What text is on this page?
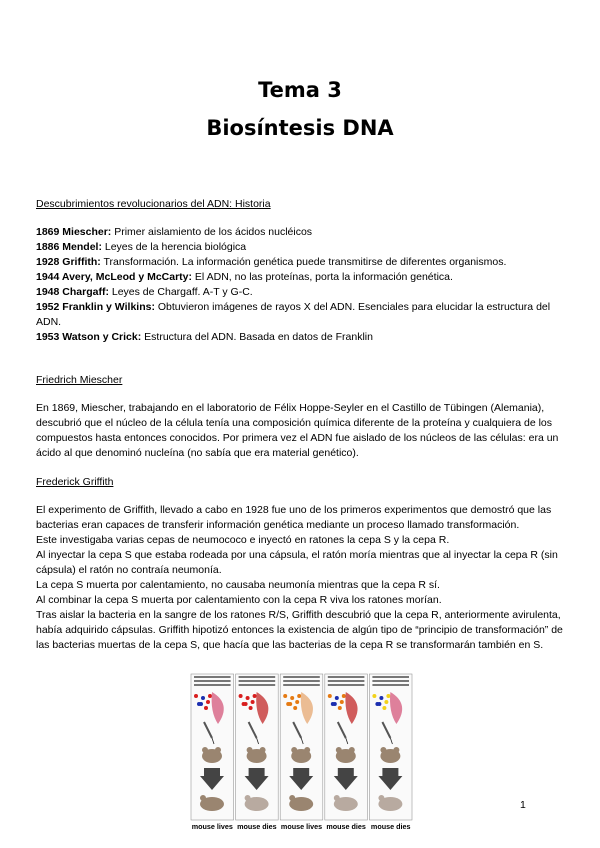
Tema 3
Biosíntesis DNA
Descubrimientos revolucionarios del ADN: Historia

1869 Miescher: Primer aislamiento de los ácidos nucléicos

1886 Mendel: Leyes de la herencia biológica

1928 Griffith: Transformación. La información genética puede transmitirse de diferentes organismos.

1944 Avery, McLeod y McCarty: El ADN, no las proteínas, porta la información genética.

1948 Chargaff: Leyes de Chargaff. A-T y G-C.

1952 Franklin y Wilkins: Obtuvieron imágenes de rayos X del ADN. Esenciales para elucidar la estructura del ADN.

1953 Watson y Crick: Estructura del ADN. Basada en datos de Franklin

Friedrich Miescher

En 1869, Miescher, trabajando en el laboratorio de Félix Hoppe-Seyler en el Castillo de Tübingen (Alemania), descubrió que el núcleo de la célula tenía una composición química diferente de la proteína y cualquiera de los compuestos hasta entonces conocidos. Por primera vez el ADN fue aislado de los núcleos de las células: era un ácido al que denominó nucleína (no sabía que era material genético).

Frederick Griffith

El experimento de Griffith, llevado a cabo en 1928 fue uno de los primeros experimentos que demostró que las bacterias eran capaces de transferir información genética mediante un proceso llamado transformación.

Este investigaba varias cepas de neumococo e inyectó en ratones la cepa S y la cepa R.

Al inyectar la cepa S que estaba rodeada por una cápsula, el ratón moría mientras que al inyectar la cepa R (sin cápsula) el ratón no contraía neumonía.

La cepa S muerta por calentamiento, no causaba neumonía mientras que la cepa R sí.

Al combinar la cepa S muerta por calentamiento con la cepa R viva los ratones morían.

Tras aislar la bacteria en la sangre de los ratones R/S, Griffith descubrió que la cepa R, anteriormente avirulenta, había adquirido cápsulas. Griffith hipotizó entonces la existencia de algún tipo de “principio de transformación” de las bacterias muertas de la cepa S, que hacía que las bacterias de la cepa R se transformarán también en S.

mouse lives mouse dies mouse lives mouse dies mouse dies
1
